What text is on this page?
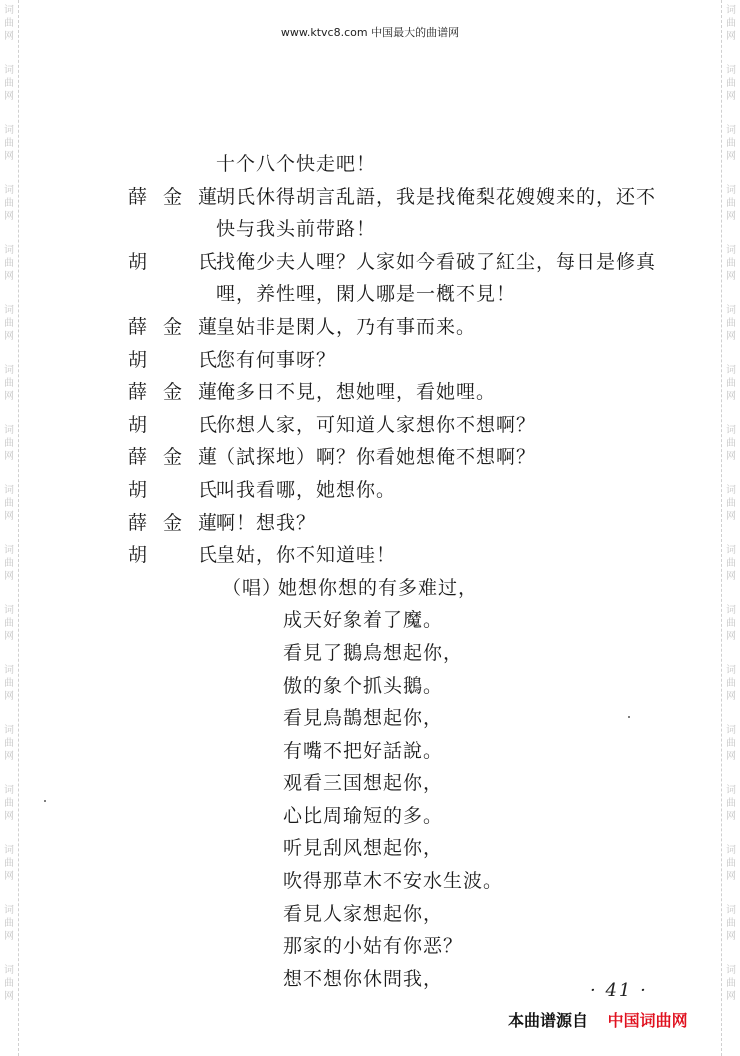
词
曲
网
词
曲
网
词
曲
网
词
曲
网
词
曲
网
词
曲
网
词
曲
网
词
曲
网
词
曲
网
词
曲
网
词
曲
网
词
曲
网
词
曲
网
词
曲
网
词
曲
网
词
曲
网
词
曲
网
词
曲
网
词
曲
网
词
曲
网
词
曲
网
词
曲
网
词
曲
网
词
曲
网
词
曲
网
词
曲
网
词
曲
网
词
曲
网
词
曲
网
词
曲
网
词
曲
网
词
曲
网
词
曲
网
词
曲
网
www.ktvc8.com 中国最大的曲谱网
十个八个快走吧！
薛金蓮
胡氏休得胡言乱語，我是找俺梨花嫂嫂来的，还不
快与我头前带路！
胡　氏
找俺少夫人哩？人家如今看破了紅尘，每日是修真
哩，养性哩，閑人哪是一槪不見！
薛金蓮
皇姑非是閑人，乃有事而来。
胡　氏
您有何事呀？
薛金蓮
俺多日不見，想她哩，看她哩。
胡　氏
你想人家，可知道人家想你不想啊？
薛金蓮
（試探地）啊？你看她想俺不想啊？
胡　氏
叫我看哪，她想你。
薛金蓮
啊！想我？
胡　氏
皇姑，你不知道哇！
（唱）
她想你想的有多难过，
成天好象着了魔。
看見了鵝鳥想起你，
傲的象个抓头鵝。
看見鳥鵲想起你，
有嘴不把好話說。
观看三国想起你，
心比周瑜短的多。
听見刮风想起你，
吹得那草木不安水生波。
看見人家想起你，
那家的小姑有你恶？
想不想你休問我，
· 41 ·
本曲谱源自 中国词曲网
